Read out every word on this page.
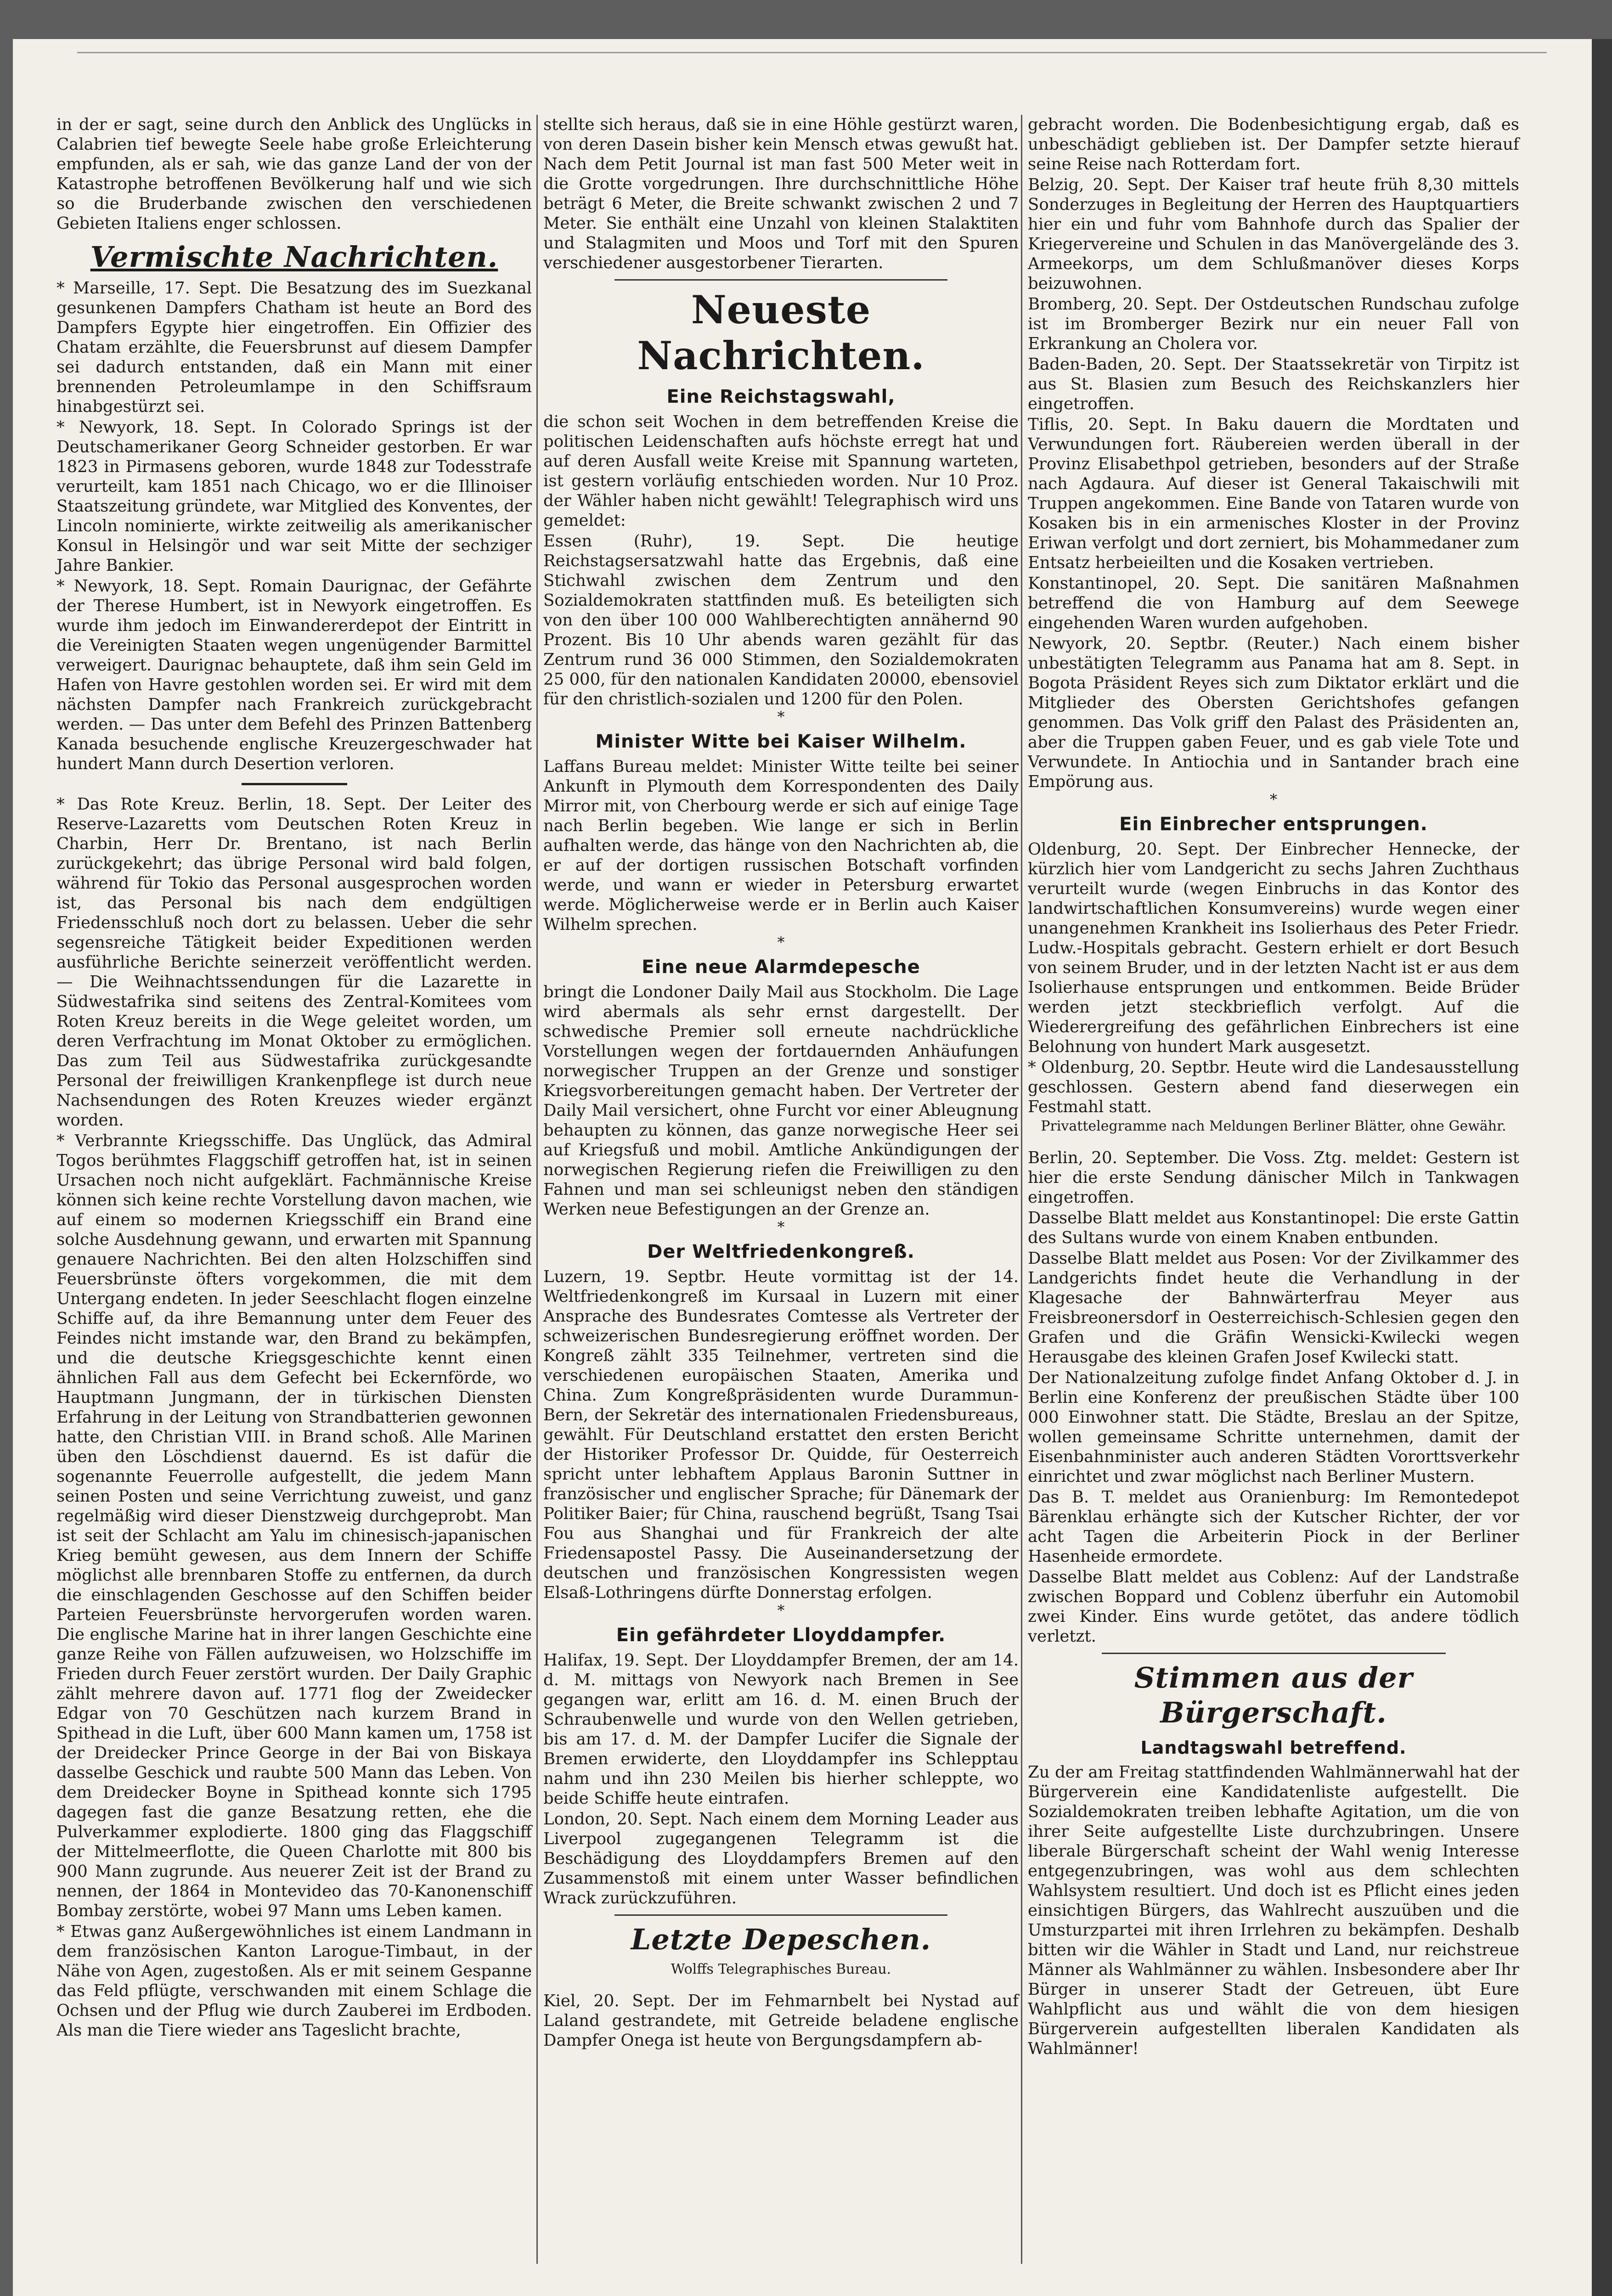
in der er sagt, seine durch den Anblick des Unglücks in Calabrien tief bewegte Seele habe große Erleichterung empfunden, als er sah, wie das ganze Land der von der Katastrophe betroffenen Bevölkerung half und wie sich so die Bruderbande zwischen den verschiedenen Gebieten Italiens enger schlossen.

Vermischte Nachrichten.

* Marseille, 17. Sept. Die Besatzung des im Suezkanal gesunkenen Dampfers Chatham ist heute an Bord des Dampfers Egypte hier eingetroffen. Ein Offizier des Chatam erzählte, die Feuersbrunst auf diesem Dampfer sei dadurch entstanden, daß ein Mann mit einer brennenden Petroleumlampe in den Schiffsraum hinabgestürzt sei.

* Newyork, 18. Sept. In Colorado Springs ist der Deutschamerikaner Georg Schneider gestorben. Er war 1823 in Pirmasens geboren, wurde 1848 zur Todesstrafe verurteilt, kam 1851 nach Chicago, wo er die Illinoiser Staatszeitung gründete, war Mitglied des Konventes, der Lincoln nominierte, wirkte zeitweilig als amerikanischer Konsul in Helsingör und war seit Mitte der sechziger Jahre Bankier.

* Newyork, 18. Sept. Romain Daurignac, der Gefährte der Therese Humbert, ist in Newyork eingetroffen. Es wurde ihm jedoch im Einwandererdepot der Eintritt in die Vereinigten Staaten wegen ungenügender Barmittel verweigert. Daurignac behauptete, daß ihm sein Geld im Hafen von Havre gestohlen worden sei. Er wird mit dem nächsten Dampfer nach Frankreich zurückgebracht werden. — Das unter dem Befehl des Prinzen Battenberg Kanada besuchende englische Kreuzergeschwader hat hundert Mann durch Desertion verloren.

* Das Rote Kreuz. Berlin, 18. Sept. Der Leiter des Reserve-Lazaretts vom Deutschen Roten Kreuz in Charbin, Herr Dr. Brentano, ist nach Berlin zurückgekehrt; das übrige Personal wird bald folgen, während für Tokio das Personal ausgesprochen worden ist, das Personal bis nach dem endgültigen Friedensschluß noch dort zu belassen. Ueber die sehr segensreiche Tätigkeit beider Expeditionen werden ausführliche Berichte seinerzeit veröffentlicht werden. — Die Weihnachtssendungen für die Lazarette in Südwestafrika sind seitens des Zentral-Komitees vom Roten Kreuz bereits in die Wege geleitet worden, um deren Verfrachtung im Monat Oktober zu ermöglichen. Das zum Teil aus Südwestafrika zurückgesandte Personal der freiwilligen Krankenpflege ist durch neue Nachsendungen des Roten Kreuzes wieder ergänzt worden.

* Verbrannte Kriegsschiffe. Das Unglück, das Admiral Togos berühmtes Flaggschiff getroffen hat, ist in seinen Ursachen noch nicht aufgeklärt. Fachmännische Kreise können sich keine rechte Vorstellung davon machen, wie auf einem so modernen Kriegsschiff ein Brand eine solche Ausdehnung gewann, und erwarten mit Spannung genauere Nachrichten. Bei den alten Holzschiffen sind Feuersbrünste öfters vorgekommen, die mit dem Untergang endeten. In jeder Seeschlacht flogen einzelne Schiffe auf, da ihre Bemannung unter dem Feuer des Feindes nicht imstande war, den Brand zu bekämpfen, und die deutsche Kriegsgeschichte kennt einen ähnlichen Fall aus dem Gefecht bei Eckernförde, wo Hauptmann Jungmann, der in türkischen Diensten Erfahrung in der Leitung von Strandbatterien gewonnen hatte, den Christian VIII. in Brand schoß. Alle Marinen üben den Löschdienst dauernd. Es ist dafür die sogenannte Feuerrolle aufgestellt, die jedem Mann seinen Posten und seine Verrichtung zuweist, und ganz regelmäßig wird dieser Dienstzweig durchgeprobt. Man ist seit der Schlacht am Yalu im chinesisch-japanischen Krieg bemüht gewesen, aus dem Innern der Schiffe möglichst alle brennbaren Stoffe zu entfernen, da durch die einschlagenden Geschosse auf den Schiffen beider Parteien Feuersbrünste hervorgerufen worden waren. Die englische Marine hat in ihrer langen Geschichte eine ganze Reihe von Fällen aufzuweisen, wo Holzschiffe im Frieden durch Feuer zerstört wurden. Der Daily Graphic zählt mehrere davon auf. 1771 flog der Zweidecker Edgar von 70 Geschützen nach kurzem Brand in Spithead in die Luft, über 600 Mann kamen um, 1758 ist der Dreidecker Prince George in der Bai von Biskaya dasselbe Geschick und raubte 500 Mann das Leben. Von dem Dreidecker Boyne in Spithead konnte sich 1795 dagegen fast die ganze Besatzung retten, ehe die Pulverkammer explodierte. 1800 ging das Flaggschiff der Mittelmeerflotte, die Queen Charlotte mit 800 bis 900 Mann zugrunde. Aus neuerer Zeit ist der Brand zu nennen, der 1864 in Montevideo das 70-Kanonenschiff Bombay zerstörte, wobei 97 Mann ums Leben kamen.

* Etwas ganz Außergewöhnliches ist einem Landmann in dem französischen Kanton Larogue-Timbaut, in der Nähe von Agen, zugestoßen. Als er mit seinem Gespanne das Feld pflügte, verschwanden mit einem Schlage die Ochsen und der Pflug wie durch Zauberei im Erdboden. Als man die Tiere wieder ans Tageslicht brachte,

stellte sich heraus, daß sie in eine Höhle gestürzt waren, von deren Dasein bisher kein Mensch etwas gewußt hat. Nach dem Petit Journal ist man fast 500 Meter weit in die Grotte vorgedrungen. Ihre durchschnittliche Höhe beträgt 6 Meter, die Breite schwankt zwischen 2 und 7 Meter. Sie enthält eine Unzahl von kleinen Stalaktiten und Stalagmiten und Moos und Torf mit den Spuren verschiedener ausgestorbener Tierarten.

Neueste Nachrichten.
Eine Reichstagswahl,

die schon seit Wochen in dem betreffenden Kreise die politischen Leidenschaften aufs höchste erregt hat und auf deren Ausfall weite Kreise mit Spannung warteten, ist gestern vorläufig entschieden worden. Nur 10 Proz. der Wähler haben nicht gewählt! Telegraphisch wird uns gemeldet:

Essen (Ruhr), 19. Sept. Die heutige Reichstagsersatzwahl hatte das Ergebnis, daß eine Stichwahl zwischen dem Zentrum und den Sozialdemokraten stattfinden muß. Es beteiligten sich von den über 100 000 Wahlberechtigten annähernd 90 Prozent. Bis 10 Uhr abends waren gezählt für das Zentrum rund 36 000 Stimmen, den Sozialdemokraten 25 000, für den nationalen Kandidaten 20000, ebensoviel für den christlich-sozialen und 1200 für den Polen.

*
Minister Witte bei Kaiser Wilhelm.

Laffans Bureau meldet: Minister Witte teilte bei seiner Ankunft in Plymouth dem Korrespondenten des Daily Mirror mit, von Cherbourg werde er sich auf einige Tage nach Berlin begeben. Wie lange er sich in Berlin aufhalten werde, das hänge von den Nachrichten ab, die er auf der dortigen russischen Botschaft vorfinden werde, und wann er wieder in Petersburg erwartet werde. Möglicherweise werde er in Berlin auch Kaiser Wilhelm sprechen.

*
Eine neue Alarmdepesche

bringt die Londoner Daily Mail aus Stockholm. Die Lage wird abermals als sehr ernst dargestellt. Der schwedische Premier soll erneute nachdrückliche Vorstellungen wegen der fortdauernden Anhäufungen norwegischer Truppen an der Grenze und sonstiger Kriegsvorbereitungen gemacht haben. Der Vertreter der Daily Mail versichert, ohne Furcht vor einer Ableugnung behaupten zu können, das ganze norwegische Heer sei auf Kriegsfuß und mobil. Amtliche Ankündigungen der norwegischen Regierung riefen die Freiwilligen zu den Fahnen und man sei schleunigst neben den ständigen Werken neue Befestigungen an der Grenze an.

*
Der Weltfriedenkongreß.

Luzern, 19. Septbr. Heute vormittag ist der 14. Weltfriedenkongreß im Kursaal in Luzern mit einer Ansprache des Bundesrates Comtesse als Vertreter der schweizerischen Bundesregierung eröffnet worden. Der Kongreß zählt 335 Teilnehmer, vertreten sind die verschiedenen europäischen Staaten, Amerika und China. Zum Kongreßpräsidenten wurde Durammun-Bern, der Sekretär des internationalen Friedensbureaus, gewählt. Für Deutschland erstattet den ersten Bericht der Historiker Professor Dr. Quidde, für Oesterreich spricht unter lebhaftem Applaus Baronin Suttner in französischer und englischer Sprache; für Dänemark der Politiker Baier; für China, rauschend begrüßt, Tsang Tsai Fou aus Shanghai und für Frankreich der alte Friedensapostel Passy. Die Auseinandersetzung der deutschen und französischen Kongressisten wegen Elsaß-Lothringens dürfte Donnerstag erfolgen.

*
Ein gefährdeter Lloyddampfer.

Halifax, 19. Sept. Der Lloyddampfer Bremen, der am 14. d. M. mittags von Newyork nach Bremen in See gegangen war, erlitt am 16. d. M. einen Bruch der Schraubenwelle und wurde von den Wellen getrieben, bis am 17. d. M. der Dampfer Lucifer die Signale der Bremen erwiderte, den Lloyddampfer ins Schlepptau nahm und ihn 230 Meilen bis hierher schleppte, wo beide Schiffe heute eintrafen.

London, 20. Sept. Nach einem dem Morning Leader aus Liverpool zugegangenen Telegramm ist die Beschädigung des Lloyddampfers Bremen auf den Zusammenstoß mit einem unter Wasser befindlichen Wrack zurückzuführen.

Letzte Depeschen.
Wolffs Telegraphisches Bureau.

Kiel, 20. Sept. Der im Fehmarnbelt bei Nystad auf Laland gestrandete, mit Getreide beladene englische Dampfer Onega ist heute von Bergungsdampfern ab-

gebracht worden. Die Bodenbesichtigung ergab, daß es unbeschädigt geblieben ist. Der Dampfer setzte hierauf seine Reise nach Rotterdam fort.

Belzig, 20. Sept. Der Kaiser traf heute früh 8,30 mittels Sonderzuges in Begleitung der Herren des Hauptquartiers hier ein und fuhr vom Bahnhofe durch das Spalier der Kriegervereine und Schulen in das Manövergelände des 3. Armeekorps, um dem Schlußmanöver dieses Korps beizuwohnen.

Bromberg, 20. Sept. Der Ostdeutschen Rundschau zufolge ist im Bromberger Bezirk nur ein neuer Fall von Erkrankung an Cholera vor.

Baden-Baden, 20. Sept. Der Staatssekretär von Tirpitz ist aus St. Blasien zum Besuch des Reichskanzlers hier eingetroffen.

Tiflis, 20. Sept. In Baku dauern die Mordtaten und Verwundungen fort. Räubereien werden überall in der Provinz Elisabethpol getrieben, besonders auf der Straße nach Agdaura. Auf dieser ist General Takaischwili mit Truppen angekommen. Eine Bande von Tataren wurde von Kosaken bis in ein armenisches Kloster in der Provinz Eriwan verfolgt und dort zerniert, bis Mohammedaner zum Entsatz herbeieilten und die Kosaken vertrieben.

Konstantinopel, 20. Sept. Die sanitären Maßnahmen betreffend die von Hamburg auf dem Seewege eingehenden Waren wurden aufgehoben.

Newyork, 20. Septbr. (Reuter.) Nach einem bisher unbestätigten Telegramm aus Panama hat am 8. Sept. in Bogota Präsident Reyes sich zum Diktator erklärt und die Mitglieder des Obersten Gerichtshofes gefangen genommen. Das Volk griff den Palast des Präsidenten an, aber die Truppen gaben Feuer, und es gab viele Tote und Verwundete. In Antiochia und in Santander brach eine Empörung aus.

*
Ein Einbrecher entsprungen.

Oldenburg, 20. Sept. Der Einbrecher Hennecke, der kürzlich hier vom Landgericht zu sechs Jahren Zuchthaus verurteilt wurde (wegen Einbruchs in das Kontor des landwirtschaftlichen Konsumvereins) wurde wegen einer unangenehmen Krankheit ins Isolierhaus des Peter Friedr. Ludw.-Hospitals gebracht. Gestern erhielt er dort Besuch von seinem Bruder, und in der letzten Nacht ist er aus dem Isolierhause entsprungen und entkommen. Beide Brüder werden jetzt steckbrieflich verfolgt. Auf die Wiederergreifung des gefährlichen Einbrechers ist eine Belohnung von hundert Mark ausgesetzt.

* Oldenburg, 20. Septbr. Heute wird die Landesausstellung geschlossen. Gestern abend fand dieserwegen ein Festmahl statt.

Privattelegramme nach Meldungen Berliner Blätter, ohne Gewähr.

Berlin, 20. September. Die Voss. Ztg. meldet: Gestern ist hier die erste Sendung dänischer Milch in Tankwagen eingetroffen.

Dasselbe Blatt meldet aus Konstantinopel: Die erste Gattin des Sultans wurde von einem Knaben entbunden.

Dasselbe Blatt meldet aus Posen: Vor der Zivilkammer des Landgerichts findet heute die Verhandlung in der Klagesache der Bahnwärterfrau Meyer aus Freisbreonersdorf in Oesterreichisch-Schlesien gegen den Grafen und die Gräfin Wensicki-Kwilecki wegen Herausgabe des kleinen Grafen Josef Kwilecki statt.

Der Nationalzeitung zufolge findet Anfang Oktober d. J. in Berlin eine Konferenz der preußischen Städte über 100 000 Einwohner statt. Die Städte, Breslau an der Spitze, wollen gemeinsame Schritte unternehmen, damit der Eisenbahnminister auch anderen Städten Vororttsverkehr einrichtet und zwar möglichst nach Berliner Mustern.

Das B. T. meldet aus Oranienburg: Im Remontedepot Bärenklau erhängte sich der Kutscher Richter, der vor acht Tagen die Arbeiterin Piock in der Berliner Hasenheide ermordete.

Dasselbe Blatt meldet aus Coblenz: Auf der Landstraße zwischen Boppard und Coblenz überfuhr ein Automobil zwei Kinder. Eins wurde getötet, das andere tödlich verletzt.

Stimmen aus der Bürgerschaft.
Landtagswahl betreffend.

Zu der am Freitag stattfindenden Wahlmännerwahl hat der Bürgerverein eine Kandidatenliste aufgestellt. Die Sozialdemokraten treiben lebhafte Agitation, um die von ihrer Seite aufgestellte Liste durchzubringen. Unsere liberale Bürgerschaft scheint der Wahl wenig Interesse entgegenzubringen, was wohl aus dem schlechten Wahlsystem resultiert. Und doch ist es Pflicht eines jeden einsichtigen Bürgers, das Wahlrecht auszuüben und die Umsturzpartei mit ihren Irrlehren zu bekämpfen. Deshalb bitten wir die Wähler in Stadt und Land, nur reichstreue Männer als Wahlmänner zu wählen. Insbesondere aber Ihr Bürger in unserer Stadt der Getreuen, übt Eure Wahlpflicht aus und wählt die von dem hiesigen Bürgerverein aufgestellten liberalen Kandidaten als Wahlmänner!
